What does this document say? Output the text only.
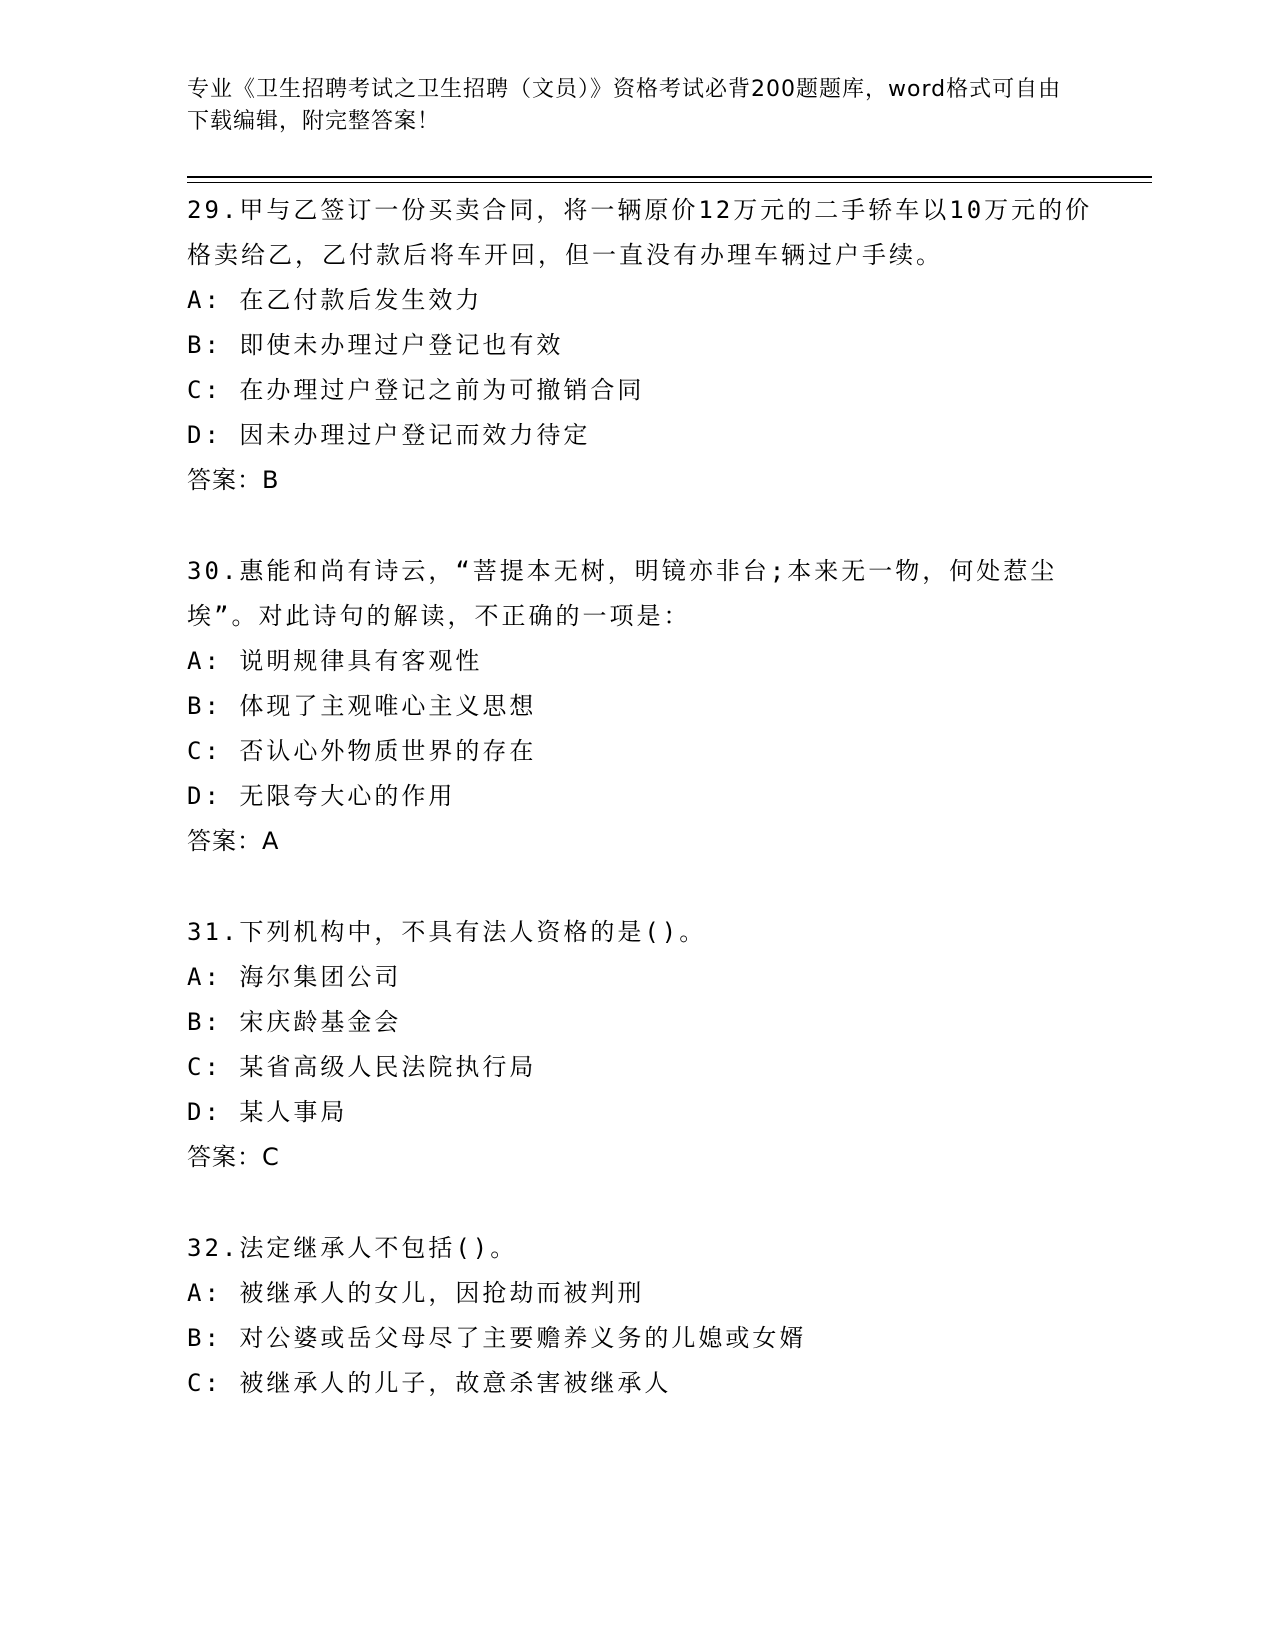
专业《卫生招聘考试之卫生招聘（文员）》资格考试必背200题题库，word格式可自由下载编辑，附完整答案！
29.甲与乙签订一份买卖合同，将一辆原价12万元的二手轿车以10万元的价格卖给乙，乙付款后将车开回，但一直没有办理车辆过户手续。
A: 在乙付款后发生效力
B: 即使未办理过户登记也有效
C: 在办理过户登记之前为可撤销合同
D: 因未办理过户登记而效力待定
答案：B
30.惠能和尚有诗云，“菩提本无树，明镜亦非台;本来无一物，何处惹尘埃”。对此诗句的解读，不正确的一项是：
A: 说明规律具有客观性
B: 体现了主观唯心主义思想
C: 否认心外物质世界的存在
D: 无限夸大心的作用
答案：A
31.下列机构中，不具有法人资格的是()。
A: 海尔集团公司
B: 宋庆龄基金会
C: 某省高级人民法院执行局
D: 某人事局
答案：C
32.法定继承人不包括()。
A: 被继承人的女儿，因抢劫而被判刑
B: 对公婆或岳父母尽了主要赡养义务的儿媳或女婿
C: 被继承人的儿子，故意杀害被继承人
